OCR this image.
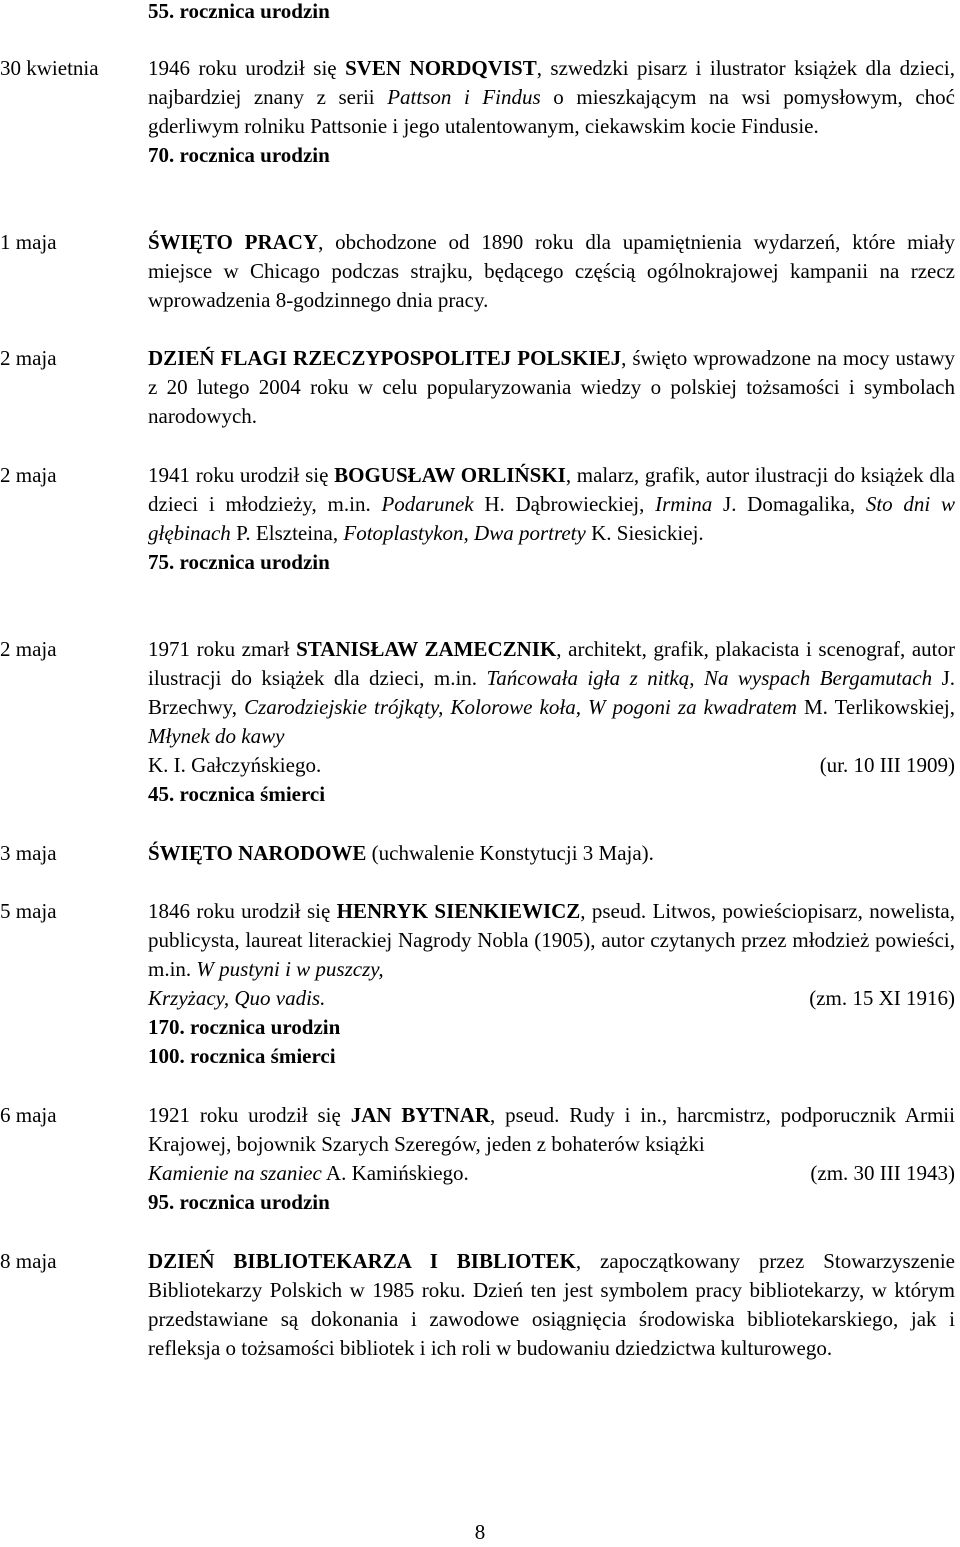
55. rocznica urodzin
30 kwietnia	1946 roku urodził się SVEN NORDQVIST, szwedzki pisarz i ilustrator książek dla dzieci, najbardziej znany z serii Pattson i Findus o mieszkającym na wsi pomysłowym, choć gderliwym rolniku Pattsonie i jego utalentowanym, ciekawskim kocie Findusie.
70. rocznica urodzin
1 maja	ŚWIĘTO PRACY, obchodzone od 1890 roku dla upamiętnienia wydarzeń, które miały miejsce w Chicago podczas strajku, będącego częścią ogólnokrajowej kampanii na rzecz wprowadzenia 8-godzinnego dnia pracy.
2 maja	DZIEŃ FLAGI RZECZYPOSPOLITEJ POLSKIEJ, święto wprowadzone na mocy ustawy z 20 lutego 2004 roku w celu popularyzowania wiedzy o polskiej tożsamości i symbolach narodowych.
2 maja	1941 roku urodził się BOGUSŁAW ORLIŃSKI, malarz, grafik, autor ilustracji do książek dla dzieci i młodzieży, m.in. Podarunek H. Dąbrowieckiej, Irmina J. Domagalika, Sto dni w głębinach P. Elszteina, Fotoplastykon, Dwa portrety K. Siesickiej.
75. rocznica urodzin
2 maja	1971 roku zmarł STANISŁAW ZAMECZNIK, architekt, grafik, plakacista i scenograf, autor ilustracji do książek dla dzieci, m.in. Tańcowała igła z nitką, Na wyspach Bergamutach J. Brzechwy, Czarodziejskie trójkąty, Kolorowe koła, W pogoni za kwadratem M. Terlikowskiej, Młynek do kawy
K. I. Gałczyńskiego.	(ur. 10 III 1909)
45. rocznica śmierci
3 maja	ŚWIĘTO NARODOWE (uchwalenie Konstytucji 3 Maja).
5 maja	1846 roku urodził się HENRYK SIENKIEWICZ, pseud. Litwos, powieściopisarz, nowelista, publicysta, laureat literackiej Nagrody Nobla (1905), autor czytanych przez młodzież powieści, m.in. W pustyni i w puszczy,
Krzyżacy, Quo vadis.	(zm. 15 XI 1916)
170. rocznica urodzin
100. rocznica śmierci
6 maja	1921 roku urodził się JAN BYTNAR, pseud. Rudy i in., harcmistrz, podporucznik Armii Krajowej, bojownik Szarych Szeregów, jeden z bohaterów książki
Kamienie na szaniec A. Kamińskiego.	(zm. 30 III 1943)
95. rocznica urodzin
8 maja	DZIEŃ BIBLIOTEKARZA I BIBLIOTEK, zapoczątkowany przez Stowarzyszenie Bibliotekarzy Polskich w 1985 roku. Dzień ten jest symbolem pracy bibliotekarzy, w którym przedstawiane są dokonania i zawodowe osiągnięcia środowiska bibliotekarskiego, jak i refleksja o tożsamości bibliotek i ich roli w budowaniu dziedzictwa kulturowego.
8
